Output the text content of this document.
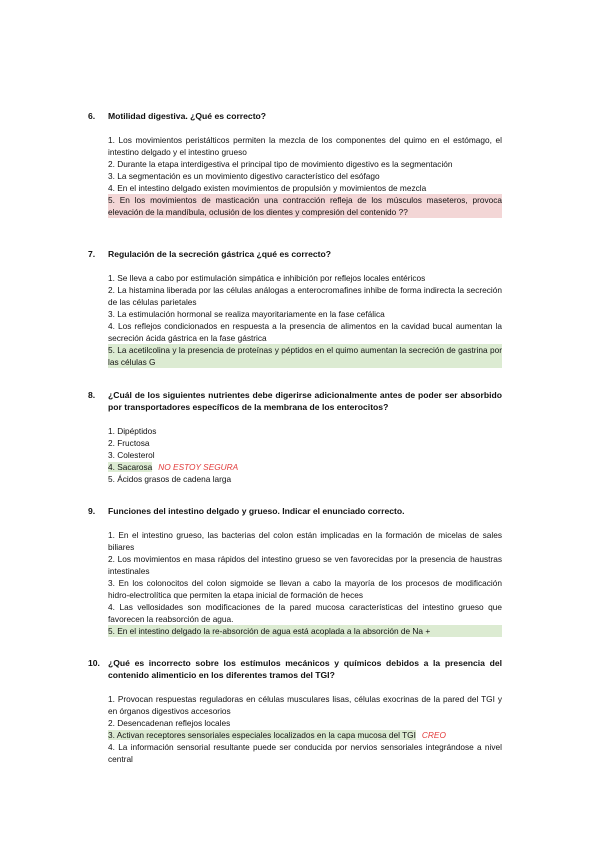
6.	Motilidad digestiva. ¿Qué es correcto?
1. Los movimientos peristálticos permiten la mezcla de los componentes del quimo en el estómago, el intestino delgado y el intestino grueso
2. Durante la etapa interdigestiva el principal tipo de movimiento digestivo es la segmentación
3. La segmentación es un movimiento digestivo característico del esófago
4. En el intestino delgado existen movimientos de propulsión y movimientos de mezcla
5. En los movimientos de masticación una contracción refleja de los músculos maseteros, provoca elevación de la mandíbula, oclusión de los dientes y compresión del contenido ??
7.	Regulación de la secreción gástrica ¿qué es correcto?
1. Se lleva a cabo por estimulación simpática e inhibición por reflejos locales entéricos
2. La histamina liberada por las células análogas a enterocromafines inhibe de forma indirecta la secreción de las células parietales
3. La estimulación hormonal se realiza mayoritariamente en la fase cefálica
4. Los reflejos condicionados en respuesta a la presencia de alimentos en la cavidad bucal aumentan la secreción ácida gástrica en la fase gástrica
5. La acetilcolina y la presencia de proteínas y péptidos en el quimo aumentan la secreción de gastrina por las células G
8.	¿Cuál de los siguientes nutrientes debe digerirse adicionalmente antes de poder ser absorbido por transportadores específicos de la membrana de los enterocitos?
1. Dipéptidos
2. Fructosa
3. Colesterol
4. Sacarosa NO ESTOY SEGURA
5. Ácidos grasos de cadena larga
9.	Funciones del intestino delgado y grueso. Indicar el enunciado correcto.
1. En el intestino grueso, las bacterias del colon están implicadas en la formación de micelas de sales biliares
2. Los movimientos en masa rápidos del intestino grueso se ven favorecidas por la presencia de haustras intestinales
3. En los colonocitos del colon sigmoide se llevan a cabo la mayoría de los procesos de modificación hidro-electrolítica que permiten la etapa inicial de formación de heces
4. Las vellosidades son modificaciones de la pared mucosa características del intestino grueso que favorecen la reabsorción de agua.
5. En el intestino delgado la re-absorción de agua está acoplada a la absorción de Na +
10. ¿Qué es incorrecto sobre los estímulos mecánicos y químicos debidos a la presencia del contenido alimenticio en los diferentes tramos del TGI?
1. Provocan respuestas reguladoras en células musculares lisas, células exocrinas de la pared del TGI y en órganos digestivos accesorios
2. Desencadenan reflejos locales
3. Activan receptores sensoriales especiales localizados en la capa mucosa del TGI CREO
4. La información sensorial resultante puede ser conducida por nervios sensoriales integrándose a nivel central
